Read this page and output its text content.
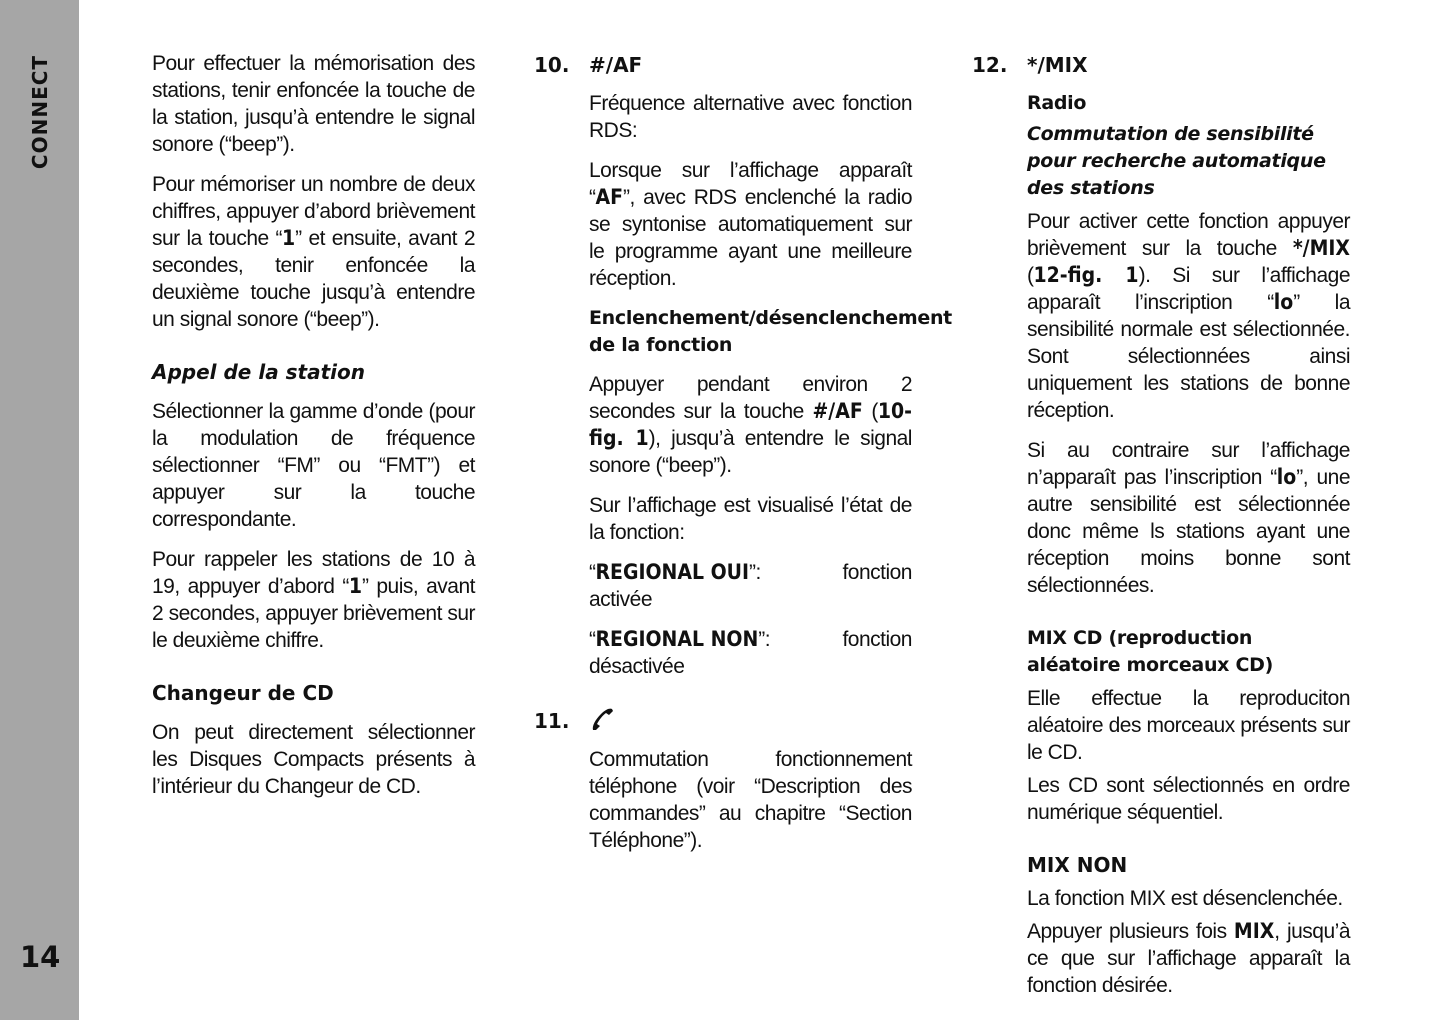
CONNECT
14

Pour effectuer la mémorisation des stations, tenir enfoncée la touche de la station, jusqu’à entendre le signal sonore (“beep”).

Pour mémoriser un nombre de deux chiffres, appuyer d’abord brièvement sur la touche “1” et ensuite, avant 2 secondes, tenir enfoncée la deuxième touche jusqu’à entendre un signal sonore (“beep”).

Appel de la station

Sélectionner la gamme d’onde (pour la modulation de fréquence sélectionner “FM” ou “FMT”) et appuyer sur la touche correspondante.

Pour rappeler les stations de 10 à 19, appuyer d’abord “1” puis, avant 2 secondes, appuyer brièvement sur le deuxième chiffre.

Changeur de CD

On peut directement sélectionner les Disques Compacts présents à l’intérieur du Changeur de CD.

10. #/AF

Fréquence alternative avec fonction RDS:

Lorsque sur l’affichage apparaît “AF”, avec RDS enclenché la radio se syntonise automatiquement sur le programme ayant une meilleure réception.

Enclenchement/désenclenchement de la fonction

Appuyer pendant environ 2 secondes sur la touche #/AF (10-fig. 1), jusqu’à entendre le signal sonore (“beep”).

Sur l’affichage est visualisé l’état de la fonction:

“REGIONAL OUI”:	fonction
activée
“REGIONAL NON”:	fonction
désactivée
11.

Commutation fonctionnement téléphone (voir “Description des commandes” au chapitre “Section Téléphone”).

12. */MIX

Radio

Commutation de sensibilité pour recherche automatique des stations

Pour activer cette fonction appuyer brièvement sur la touche */MIX (12-fig. 1). Si sur l’affichage apparaît l’inscription “lo” la sensibilité normale est sélectionnée. Sont sélectionnées ainsi uniquement les stations de bonne réception.

Si au contraire sur l’affichage n’apparaît pas l’inscription “lo”, une autre sensibilité est sélectionnée donc même ls stations ayant une réception moins bonne sont sélectionnées.

MIX CD (reproduction aléatoire morceaux CD)

Elle effectue la reproduciton aléatoire des morceaux présents sur le CD.

Les CD sont sélectionnés en ordre numérique séquentiel.

MIX NON

La fonction MIX est désenclenchée.

Appuyer plusieurs fois MIX, jusqu’à ce que sur l’affichage apparaît la fonction désirée.
